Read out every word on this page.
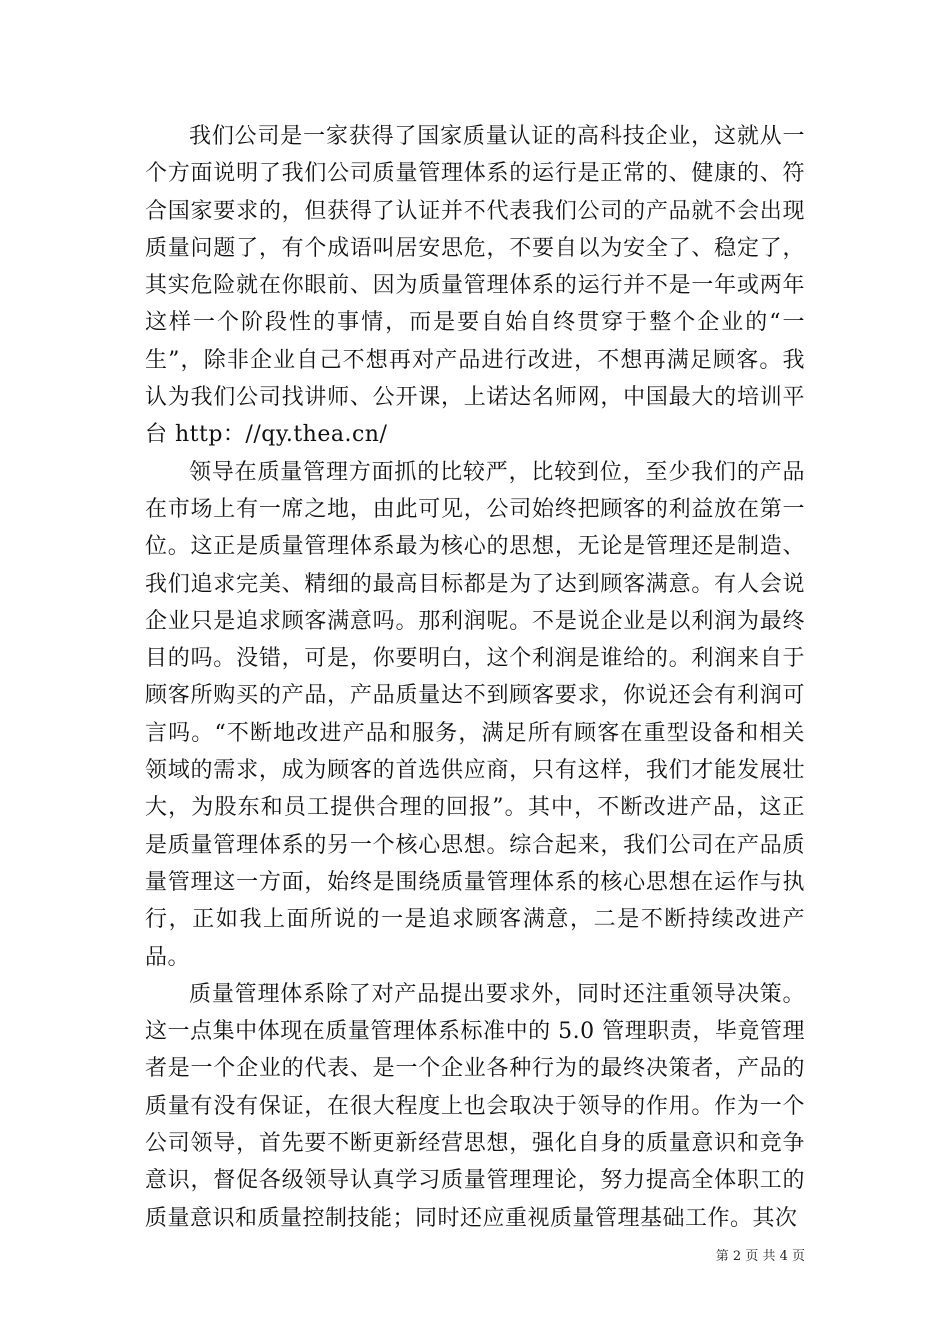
我们公司是一家获得了国家质量认证的高科技企业，这就从一个方面说明了我们公司质量管理体系的运行是正常的、健康的、符合国家要求的，但获得了认证并不代表我们公司的产品就不会出现质量问题了，有个成语叫居安思危，不要自以为安全了、稳定了，其实危险就在你眼前、因为质量管理体系的运行并不是一年或两年这样一个阶段性的事情，而是要自始自终贯穿于整个企业的“一生”，除非企业自己不想再对产品进行改进，不想再满足顾客。我认为我们公司找讲师、公开课，上诺达名师网，中国最大的培训平台 http：//qy.thea.cn/

领导在质量管理方面抓的比较严，比较到位，至少我们的产品在市场上有一席之地，由此可见，公司始终把顾客的利益放在第一位。这正是质量管理体系最为核心的思想，无论是管理还是制造、我们追求完美、精细的最高目标都是为了达到顾客满意。有人会说企业只是追求顾客满意吗。那利润呢。不是说企业是以利润为最终目的吗。没错，可是，你要明白，这个利润是谁给的。利润来自于顾客所购买的产品，产品质量达不到顾客要求，你说还会有利润可言吗。“不断地改进产品和服务，满足所有顾客在重型设备和相关领域的需求，成为顾客的首选供应商，只有这样，我们才能发展壮大，为股东和员工提供合理的回报”。其中，不断改进产品，这正是质量管理体系的另一个核心思想。综合起来，我们公司在产品质量管理这一方面，始终是围绕质量管理体系的核心思想在运作与执行，正如我上面所说的一是追求顾客满意，二是不断持续改进产品。

质量管理体系除了对产品提出要求外，同时还注重领导决策。这一点集中体现在质量管理体系标准中的 5.0 管理职责，毕竟管理者是一个企业的代表、是一个企业各种行为的最终决策者，产品的质量有没有保证，在很大程度上也会取决于领导的作用。作为一个公司领导，首先要不断更新经营思想，强化自身的质量意识和竞争意识，督促各级领导认真学习质量管理理论，努力提高全体职工的质量意识和质量控制技能；同时还应重视质量管理基础工作。其次

第 2 页 共 4 页
